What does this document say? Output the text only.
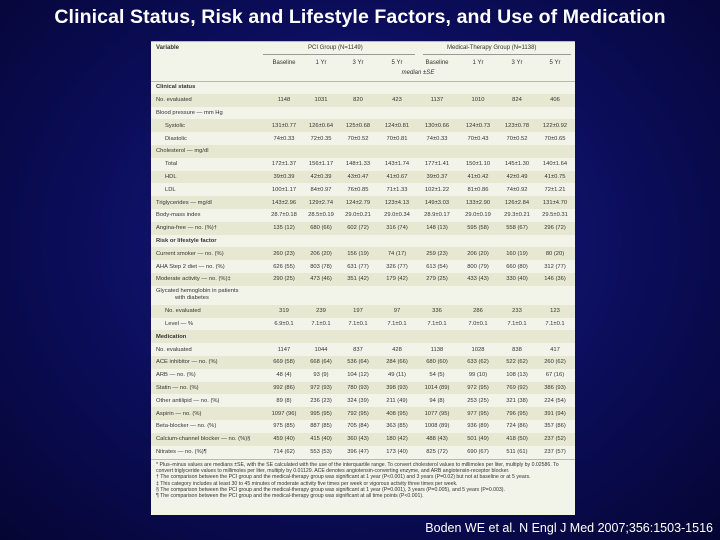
Clinical Status, Risk and Lifestyle Factors, and Use of Medication
Variable	PCI Group (N=1149)	Medical-Therapy Group (N=1138)
Baseline	1 Yr	3 Yr	5 Yr	Baseline	1 Yr	3 Yr	5 Yr
median ±SE
Clinical status
No. evaluated	1148	1031	820	423	1137	1010	824	406
Blood pressure — mm Hg
Systolic	131±0.77 126±0.64 125±0.68	124±0.81	130±0.66	124±0.73	123±0.78 122±0.92
Diastolic	74±0.33	72±0.35	70±0.52	70±0.81	74±0.33	70±0.43	70±0.52	70±0.65
Cholesterol — mg/dl
Total	172±1.37 156±1.17 148±1.33	143±1.74	177±1.41	150±1.10	145±1.30 140±1.64
HDL	39±0.39	42±0.39	43±0.47	41±0.67	39±0.37	41±0.42	42±0.49	41±0.75
LDL	100±1.17 84±0.97	76±0.85	71±1.33	102±1.22	81±0.86	74±0.92	72±1.21
Triglycerides — mg/dl	143±2.96 129±2.74 124±2.79	123±4.13	149±3.03	133±2.90	126±2.84 131±4.70
Body-mass index	28.7±0.18 28.5±0.19 29.0±0.21 29.0±0.34 28.9±0.17	29.0±0.19 29.3±0.21 29.5±0.31
Angina-free — no. (%)†	135 (12)	680 (66)	602 (72)	316 (74)	148 (13)	595 (58)	558 (67)	296 (72)
Risk or lifestyle factor
Current smoker — no. (%)	260 (23)	206 (20)	156 (19)	74 (17)	259 (23)	206 (20)	160 (19)	80 (20)
AHA Step 2 diet — no. (%)	626 (55)	803 (78)	631 (77)	326 (77)	613 (54)	800 (79)	660 (80)	312 (77)
Moderate activity — no. (%)‡	290 (25)	473 (46)	351 (42)	179 (42)	279 (25)	433 (43)	330 (40)	146 (36)
with diabetes
Glycated hemoglobin in patients
No. evaluated	319	239	197	97	336	286	233	123
Level — %	6.9±0.1	7.1±0.1	7.1±0.1	7.1±0.1	7.1±0.1	7.0±0.1	7.1±0.1	7.1±0.1
Medication
No. evaluated	1147	1044	837	428	1138	1028	838	417
ACE inhibitor — no. (%)	669 (58)	668 (64)	536 (64)	284 (66)	680 (60)	633 (62)	522 (62)	260 (62)
ARB — no. (%)	48 (4)	93 (9)	104 (12)	49 (11)	54 (5)	99 (10)	108 (13)	67 (16)
Statin — no. (%)	992 (86)	972 (93)	780 (93)	398 (93)	1014 (89)	972 (95)	769 (92)	386 (93)
Other antilipid — no. (%)	89 (8)	236 (23)	324 (39)	211 (49)	94 (8)	253 (25)	321 (38)	224 (54)
Aspirin — no. (%)	1097 (96) 995 (95)	792 (95)	408 (95)	1077 (95)	977 (95)	796 (95)	391 (94)
Beta-blocker — no. (%)	975 (85)	887 (85)	705 (84)	363 (85)	1008 (89)	936 (89)	724 (86)	357 (86)
Calcium-channel blocker — no. (%)§	459 (40)	415 (40)	360 (43)	180 (42)	488 (43)	501 (49)	418 (50)	237 (52)
Nitrates — no. (%)¶	714 (62)	553 (53)	396 (47)	173 (40)	825 (72)	690 (67)	511 (61)	237 (57)
* Plus–minus values are medians ±SE, with the SE calculated with the use of the interquartile range. To convert cholesterol values to millimoles per liter, multiply by 0.02586. To convert triglyceride values to millimoles per liter, multiply by 0.01129. ACE denotes angiotensin-converting enzyme, and ARB angiotensin-receptor blocker.
† The comparison between the PCI group and the medical-therapy group was significant at 1 year (P<0.001) and 3 years (P=0.02) but not at baseline or at 5 years.
‡ This category includes at least 30 to 45 minutes of moderate activity five times per week or vigorous activity three times per week.
§ The comparison between the PCI group and the medical-therapy group was significant at 1 year (P=0.001), 3 years (P=0.005), and 5 years (P=0.003).
¶ The comparison between the PCI group and the medical-therapy group was significant at all time points (P<0.001).
Boden WE et al. N Engl J Med 2007;356:1503-1516
